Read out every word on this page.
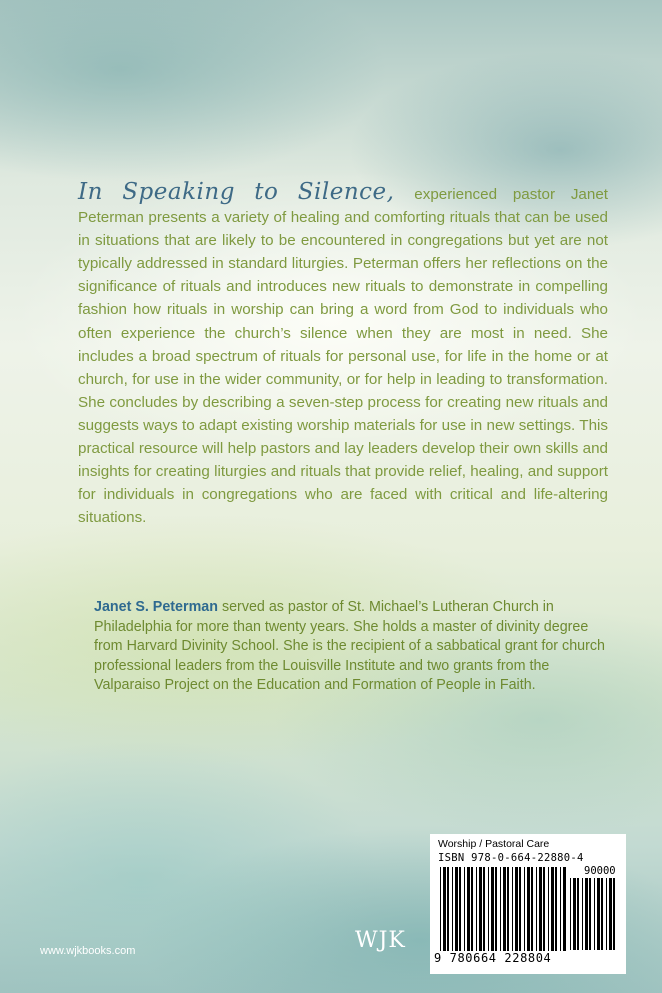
In Speaking to Silence, experienced pastor Janet Peterman presents a variety of healing and comforting rituals that can be used in situations that are likely to be encountered in congregations but yet are not typically addressed in standard liturgies. Peterman offers her reflections on the significance of rituals and introduces new rituals to demonstrate in compelling fashion how rituals in worship can bring a word from God to individuals who often experience the church’s silence when they are most in need. She includes a broad spectrum of rituals for personal use, for life in the home or at church, for use in the wider community, or for help in leading to transformation. She concludes by describing a seven-step process for creating new rituals and suggests ways to adapt existing worship materials for use in new settings. This practical resource will help pastors and lay leaders develop their own skills and insights for creating liturgies and rituals that provide relief, healing, and support for individuals in congregations who are faced with critical and life-altering situations.
Janet S. Peterman served as pastor of St. Michael’s Lutheran Church in Philadelphia for more than twenty years. She holds a master of divinity degree from Harvard Divinity School. She is the recipient of a sabbatical grant for church professional leaders from the Louisville Institute and two grants from the Valparaiso Project on the Education and Formation of People in Faith.
www.wjkbooks.com	WJK
Worship / Pastoral Care
ISBN 978-0-664-22880-4
90000
9 780664 228804
